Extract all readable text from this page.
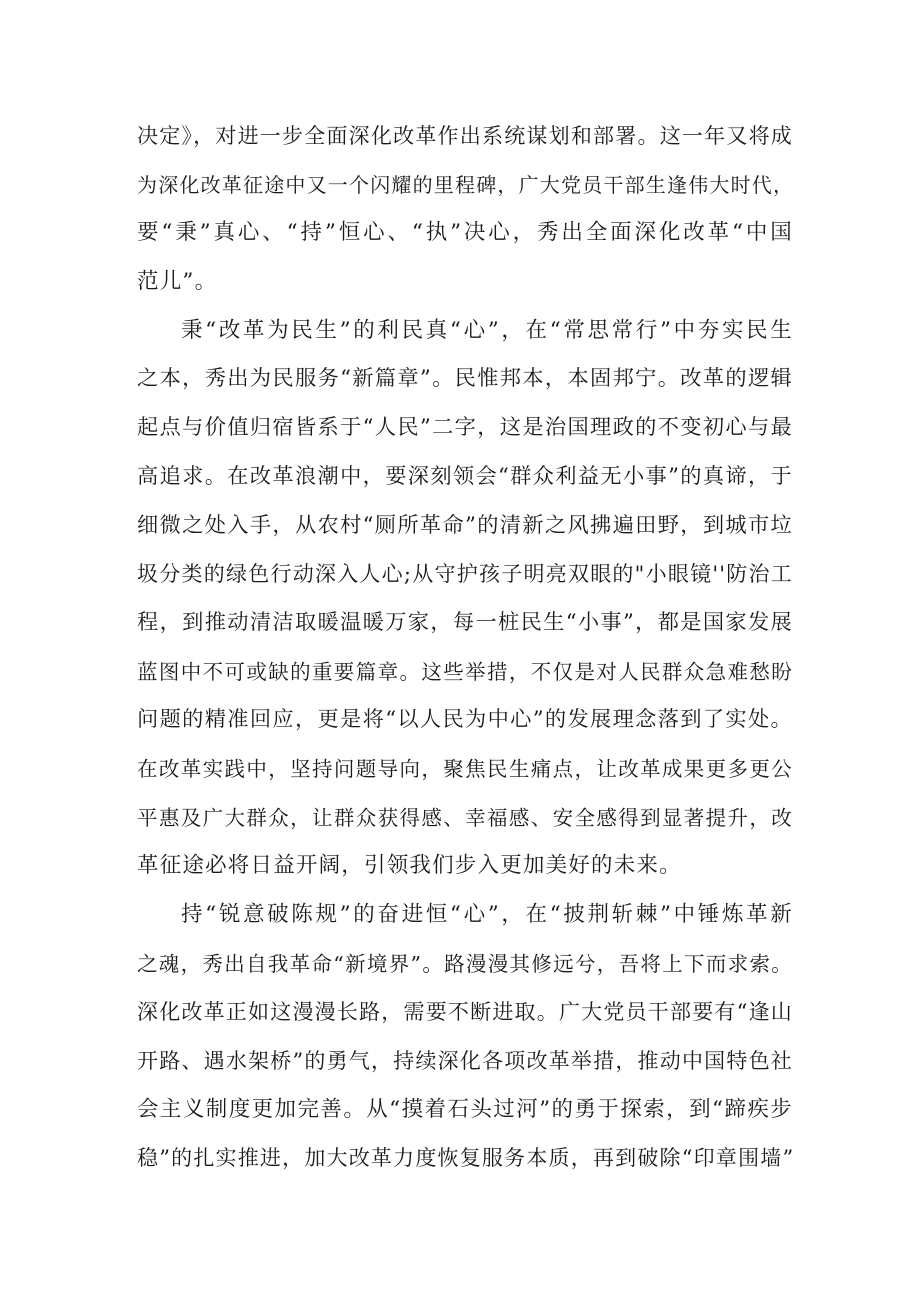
决定》，对进一步全面深化改革作出系统谋划和部署。这一年又将成
为深化改革征途中又一个闪耀的里程碑，广大党员干部生逢伟大时代，
要“秉”真心、“持”恒心、“执”决心，秀出全面深化改革“中国
范儿”。
秉“改革为民生”的利民真“心”，在“常思常行”中夯实民生
之本，秀出为民服务“新篇章”。民惟邦本，本固邦宁。改革的逻辑
起点与价值归宿皆系于“人民”二字，这是治国理政的不变初心与最
高追求。在改革浪潮中，要深刻领会“群众利益无小事”的真谛，于
细微之处入手，从农村“厕所革命”的清新之风拂遍田野，到城市垃
圾分类的绿色行动深入人心;从守护孩子明亮双眼的"小眼镜''防治工
程，到推动清洁取暖温暖万家，每一桩民生“小事”，都是国家发展
蓝图中不可或缺的重要篇章。这些举措，不仅是对人民群众急难愁盼
问题的精准回应，更是将“以人民为中心”的发展理念落到了实处。
在改革实践中，坚持问题导向，聚焦民生痛点，让改革成果更多更公
平惠及广大群众，让群众获得感、幸福感、安全感得到显著提升，改
革征途必将日益开阔，引领我们步入更加美好的未来。
持“锐意破陈规”的奋进恒“心”，在“披荆斩棘”中锤炼革新
之魂，秀出自我革命“新境界”。路漫漫其修远兮，吾将上下而求索。
深化改革正如这漫漫长路，需要不断进取。广大党员干部要有“逢山
开路、遇水架桥”的勇气，持续深化各项改革举措，推动中国特色社
会主义制度更加完善。从“摸着石头过河”的勇于探索，到“蹄疾步
稳”的扎实推进，加大改革力度恢复服务本质，再到破除“印章围墙”
